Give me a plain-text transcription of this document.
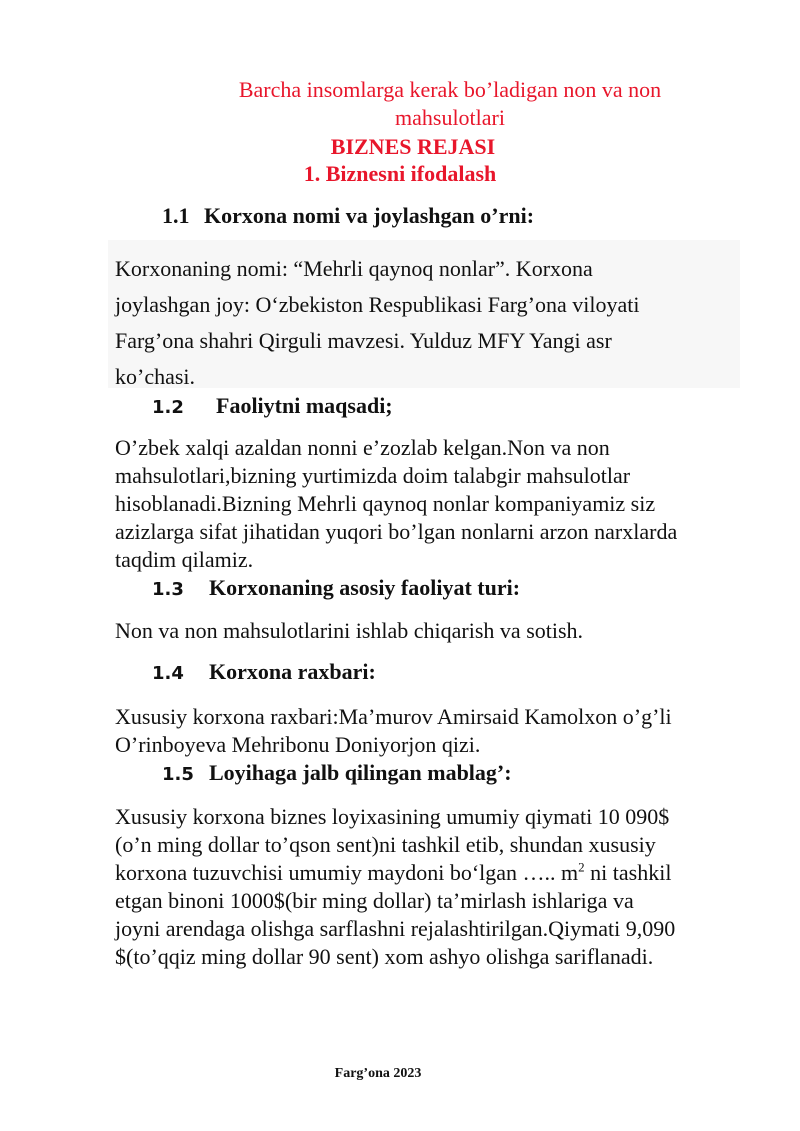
Barcha insomlarga kerak bo’ladigan non va non
mahsulotlari
BIZNES REJASI
1. Biznesni ifodalash
1.1 Korxona nomi va joylashgan o’rni:
Korxonaning nomi: “Mehrli qaynoq nonlar”. Korxona
joylashgan joy: O‘zbekiston Respublikasi Farg’ona viloyati
Farg’ona shahri Qirguli mavzesi. Yulduz MFY Yangi asr
ko’chasi.
1.2 Faoliytni maqsadi;
O’zbek xalqi azaldan nonni e’zozlab kelgan.Non va non
mahsulotlari,bizning yurtimizda doim talabgir mahsulotlar
hisoblanadi.Bizning Mehrli qaynoq nonlar kompaniyamiz siz
azizlarga sifat jihatidan yuqori bo’lgan nonlarni arzon narxlarda
taqdim qilamiz.
1.3 Korxonaning asosiy faoliyat turi:
Non va non mahsulotlarini ishlab chiqarish va sotish.
1.4 Korxona raxbari:
Xususiy korxona raxbari:Ma’murov Amirsaid Kamolxon o’g’li
O’rinboyeva Mehribonu Doniyorjon qizi.
1.5 Loyihaga jalb qilingan mablag’:
Xususiy korxona biznes loyixasining umumiy qiymati 10 090$
(o’n ming dollar to’qson sent)ni tashkil etib, shundan xususiy
korxona tuzuvchisi umumiy maydoni bo‘lgan ….. $m^2$ ni tashkil
etgan binoni 1000$(bir ming dollar) ta’mirlash ishlariga va
joyni arendaga olishga sarflashni rejalashtirilgan.Qiymati 9,090
$(to’qqiz ming dollar 90 sent) xom ashyo olishga sariflanadi.
Farg’ona 2023
